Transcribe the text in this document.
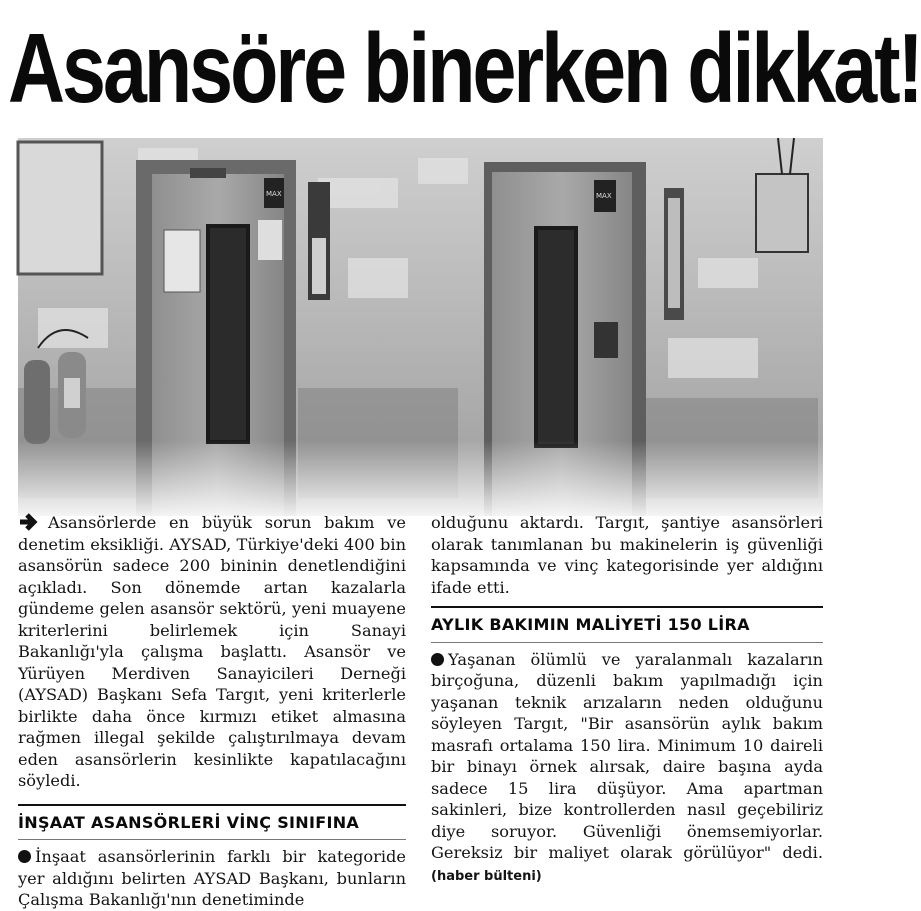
Asansöre binerken dikkat!

Asansörlerde en büyük sorun bakım ve denetim eksikliği. AYSAD, Türkiye'deki 400 bin asansörün sadece 200 bininin denetlendiğini açıkladı. Son dönemde artan kazalarla gündeme gelen asansör sektörü, yeni muayene kriterlerini belirlemek için Sanayi Bakanlığı'yla çalışma başlattı. Asansör ve Yürüyen Merdiven Sanayicileri Derneği (AYSAD) Başkanı Sefa Targıt, yeni kriterlerle birlikte daha önce kırmızı etiket almasına rağmen illegal şekilde çalıştırılmaya devam eden asansörlerin kesinlikte kapatılacağını söyledi.

İNŞAAT ASANSÖRLERİ VİNÇ SINIFINA

İnşaat asansörlerinin farklı bir kategoride yer aldığını belirten AYSAD Başkanı, bunların Çalışma Bakanlığı'nın denetiminde

olduğunu aktardı. Targıt, şantiye asansörleri olarak tanımlanan bu makinelerin iş güvenliği kapsamında ve vinç kategorisinde yer aldığını ifade etti.

AYLIK BAKIMIN MALİYETİ 150 LİRA

Yaşanan ölümlü ve yaralanmalı kazaların birçoğuna, düzenli bakım yapılmadığı için yaşanan teknik arızaların neden olduğunu söyleyen Targıt, "Bir asansörün aylık bakım masrafı ortalama 150 lira. Minimum 10 daireli bir binayı örnek alırsak, daire başına ayda sadece 15 lira düşüyor. Ama apartman sakinleri, bize kontrollerden nasıl geçebiliriz diye soruyor. Güvenliği önemsemiyorlar. Gereksiz bir maliyet olarak görülüyor" dedi. (haber bülteni)
